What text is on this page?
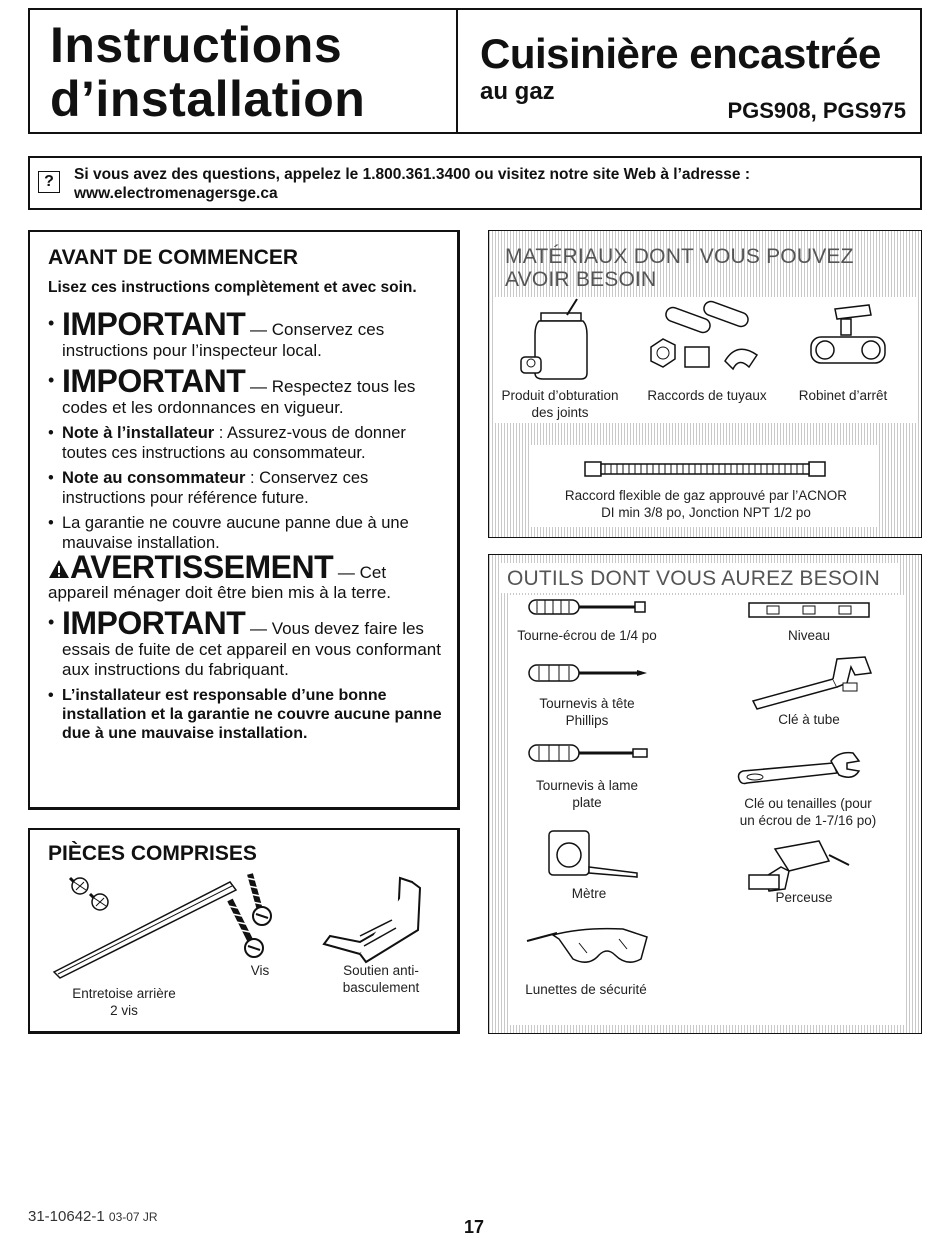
Instructions
d’installation
Cuisinière encastrée
au gaz
PGS908, PGS975
?	Si vous avez des questions, appelez le 1.800.361.3400 ou visitez notre site Web à l’adresse :
www.electromenagersge.ca
AVANT DE COMMENCER

Lisez ces instructions complètement et avec soin.

• IMPORTANT — Conservez ces instructions pour l’inspecteur local.
• IMPORTANT — Respectez tous les codes et les ordonnances en vigueur.
• Note à l’installateur : Assurez-vous de donner toutes ces instructions au consommateur.
• Note au consommateur : Conservez ces instructions pour référence future.
• La garantie ne couvre aucune panne due à une mauvaise installation.
AVERTISSEMENT — Cet appareil ménager doit être bien mis à la terre.
• IMPORTANT — Vous devez faire les essais de fuite de cet appareil en vous conformant aux instructions du fabriquant.
• L’installateur est responsable d’une bonne installation et la garantie ne couvre aucune panne due à une mauvaise installation.
PIÈCES COMPRISES
Entretoise arrière
2 vis
Vis	Soutien anti-
basculement
MATÉRIAUX DONT VOUS POUVEZ
AVOIR BESOIN
Produit d’obturation
des joints
Raccords de tuyaux	Robinet d’arrêt
Raccord flexible de gaz approuvé par l’ACNOR
DI min 3/8 po, Jonction NPT 1/2 po
OUTILS DONT VOUS AUREZ BESOIN
Tourne-écrou de 1/4 po	Niveau
Tournevis à tête
Phillips	Clé à tube
Tournevis à lame
plate	Clé ou tenailles (pour
un écrou de 1-7/16 po)
Mètre	Perceuse
Lunettes de sécurité
31-10642-1 03-07 JR	17
